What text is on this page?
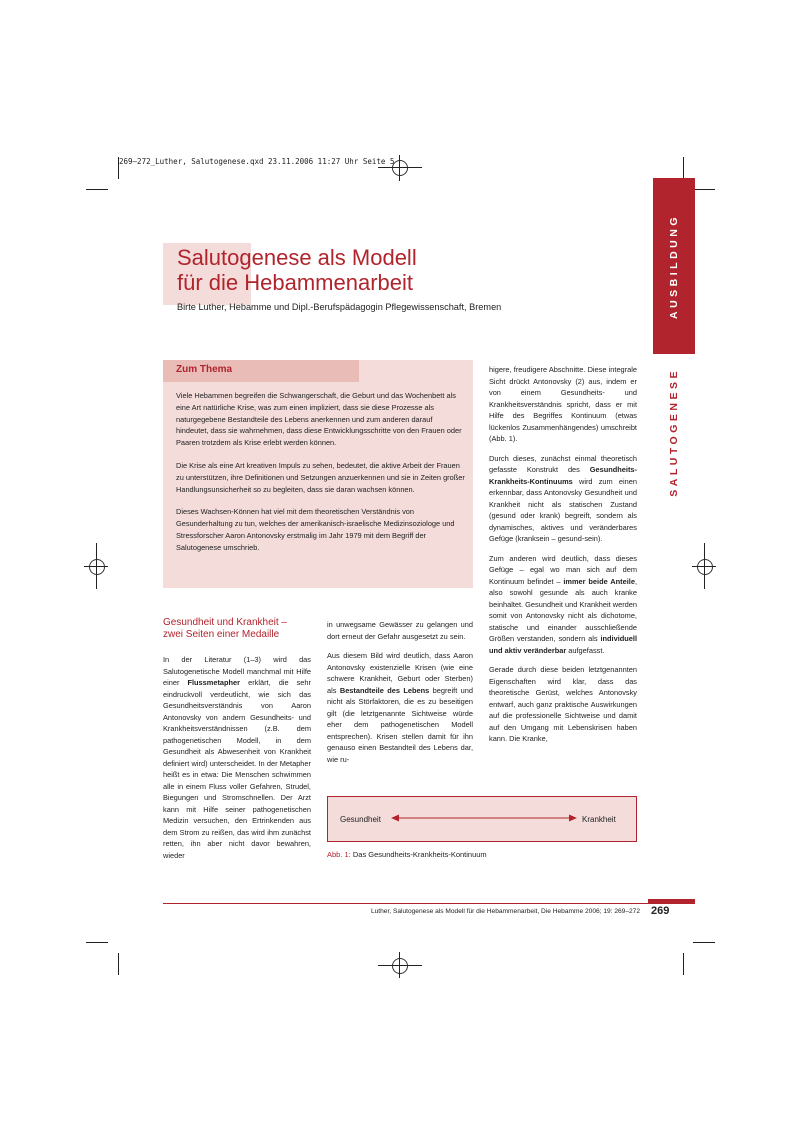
269–272_Luther, Salutogenese.qxd 23.11.2006 11:27 Uhr Seite 5
AUSBILDUNG
SALUTOGENESE
Salutogenese als Modell
für die Hebammenarbeit
Birte Luther, Hebamme und Dipl.-Berufspädagogin Pflegewissenschaft, Bremen
Zum Thema

Viele Hebammen begreifen die Schwangerschaft, die Geburt und das Wochenbett als eine Art natürliche Krise, was zum einen impliziert, dass sie diese Prozesse als naturgegebene Bestandteile des Lebens anerkennen und zum anderen darauf hindeutet, dass sie wahrnehmen, dass diese Entwicklungsschritte von den Frauen oder Paaren trotzdem als Krise erlebt werden können.

Die Krise als eine Art kreativen Impuls zu sehen, bedeutet, die aktive Arbeit der Frauen zu unterstützen, ihre Definitionen und Setzungen anzuerkennen und sie in Zeiten großer Handlungsunsicherheit so zu begleiten, dass sie daran wachsen können.

Dieses Wachsen-Können hat viel mit dem theoretischen Verständnis von Gesunderhaltung zu tun, welches der amerikanisch-israelische Medizinsoziologe und Stressforscher Aaron Antonovsky erstmalig im Jahr 1979 mit dem Begriff der Salutogenese umschrieb.

Gesundheit und Krankheit –
zwei Seiten einer Medaille

In der Literatur (1–3) wird das Salutogenetische Modell manchmal mit Hilfe einer Flussmetapher erklärt, die sehr eindruckvoll verdeutlicht, wie sich das Gesundheitsverständnis von Aaron Antonovsky von andern Gesundheits- und Krankheitsverständnissen (z.B. dem pathogenetischen Modell, in dem Gesundheit als Abwesenheit von Krankheit definiert wird) unterscheidet. In der Metapher heißt es in etwa: Die Menschen schwimmen alle in einem Fluss voller Gefahren, Strudel, Biegungen und Stromschnellen. Der Arzt kann mit Hilfe seiner pathogenetischen Medizin versuchen, den Ertrinkenden aus dem Strom zu reißen, das wird ihm zunächst retten, ihn aber nicht davor bewahren, wieder

in unwegsame Gewässer zu gelangen und dort erneut der Gefahr ausgesetzt zu sein.

Aus diesem Bild wird deutlich, dass Aaron Antonovsky existenzielle Krisen (wie eine schwere Krankheit, Geburt oder Sterben) als Bestandteile des Lebens begreift und nicht als Störfaktoren, die es zu beseitigen gilt (die letztgenannte Sichtweise würde eher dem pathogenetischen Modell entsprechen). Krisen stellen damit für ihn genauso einen Bestandteil des Lebens dar, wie ru-

higere, freudigere Abschnitte. Diese integrale Sicht drückt Antonovsky (2) aus, indem er von einem Gesundheits- und Krankheitsverständnis spricht, dass er mit Hilfe des Begriffes Kontinuum (etwas lückenlos Zusammenhängendes) umschreibt (Abb. 1).

Durch dieses, zunächst einmal theoretisch gefasste Konstrukt des Gesundheits-Krankheits-Kontinuums wird zum einen erkennbar, dass Antonovsky Gesundheit und Krankheit nicht als statischen Zustand (gesund oder krank) begreift, sondern als dynamisches, aktives und veränderbares Gefüge (kranksein – gesund-sein).

Zum anderen wird deutlich, dass dieses Gefüge – egal wo man sich auf dem Kontinuum befindet – immer beide Anteile, also sowohl gesunde als auch kranke beinhaltet. Gesundheit und Krankheit werden somit von Antonovsky nicht als dichotome, statische und einander ausschließende Größen verstanden, sondern als individuell und aktiv veränderbar aufgefasst.

Gerade durch diese beiden letztgenannten Eigenschaften wird klar, dass das theoretische Gerüst, welches Antonovsky entwarf, auch ganz praktische Auswirkungen auf die professionelle Sichtweise und damit auf den Umgang mit Lebenskrisen haben kann. Die Kranke,

Gesundheit	Krankheit
Abb. 1: Das Gesundheits-Krankheits-Kontinuum
Luther, Salutogenese als Modell für die Hebammenarbeit, Die Hebamme 2006; 19: 269–272 269
